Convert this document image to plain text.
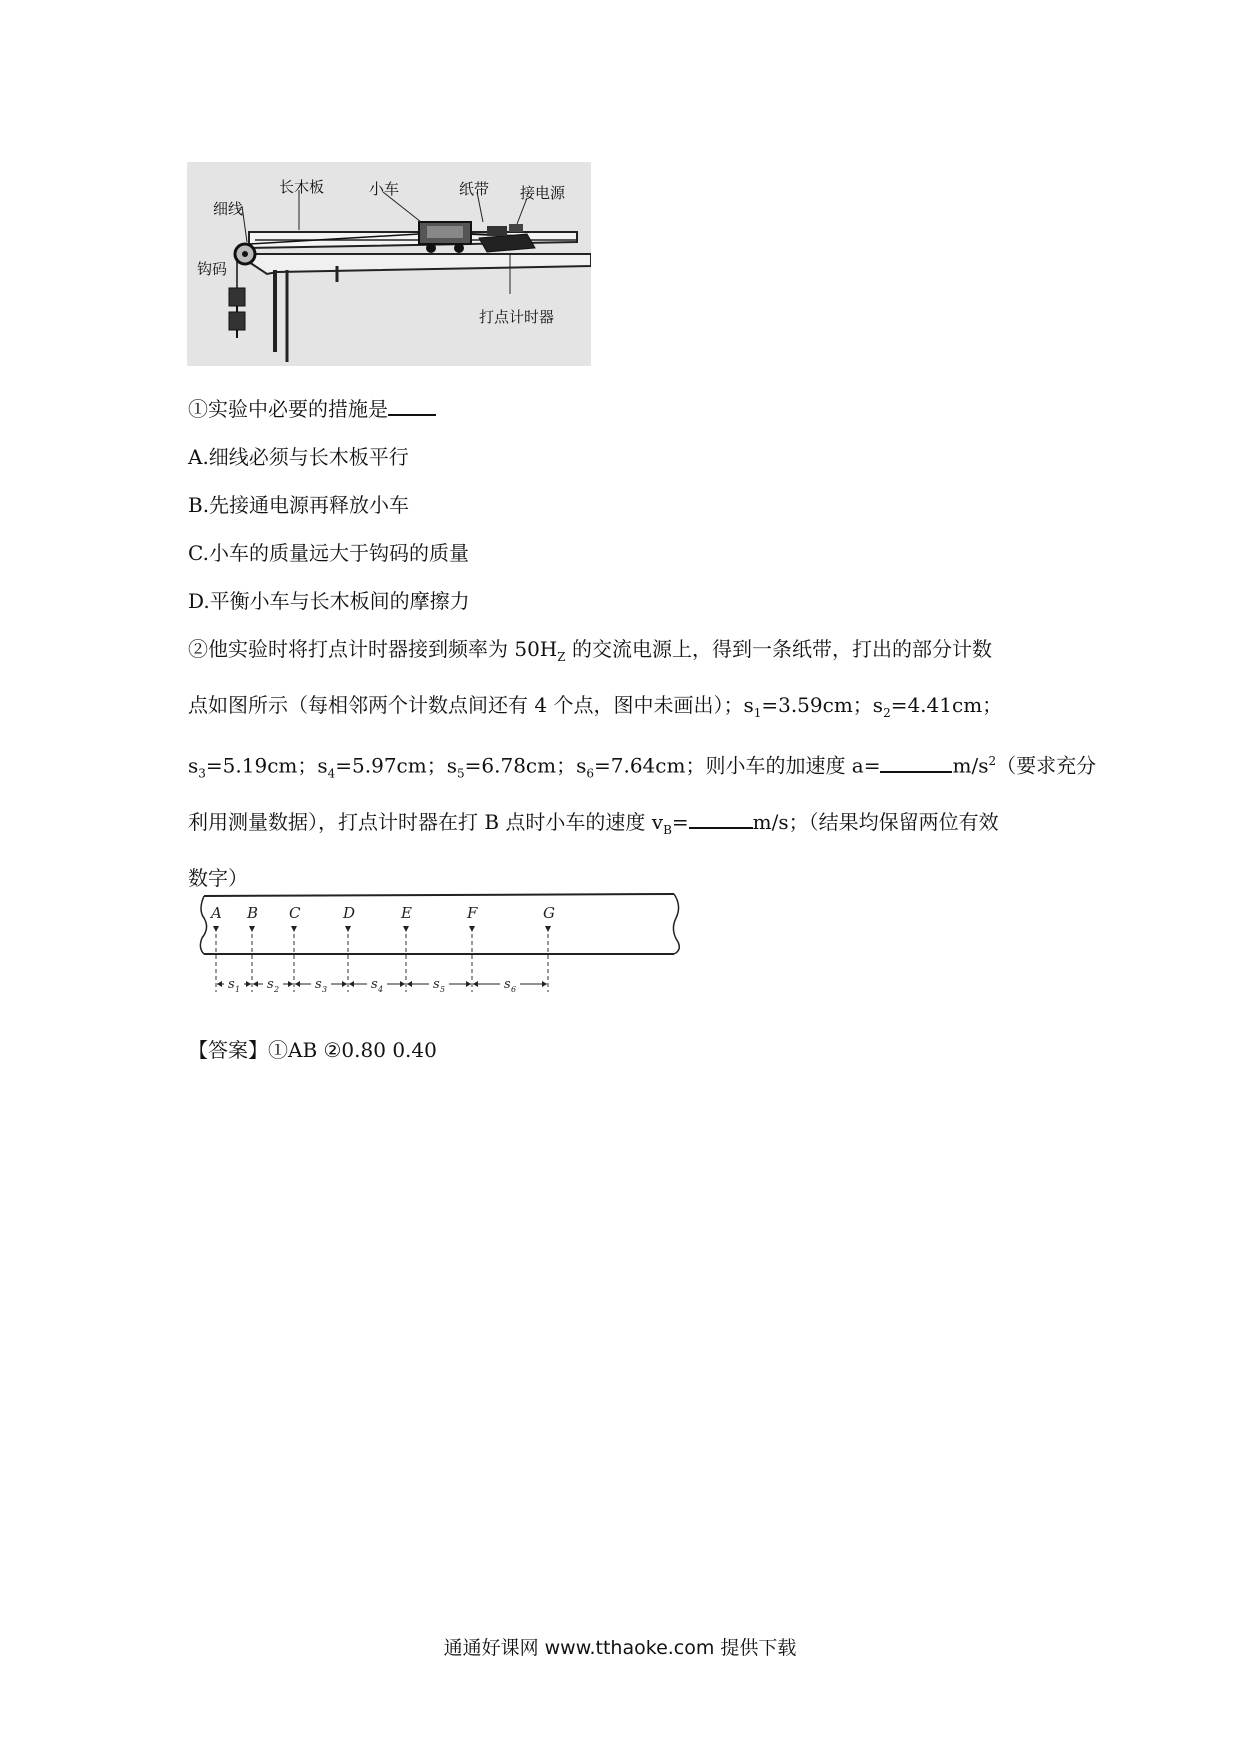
细线
长木板	小车	纸带 接电源
钩码
打点计时器
①实验中必要的措施是
A.细线必须与长木板平行
B.先接通电源再释放小车
C.小车的质量远大于钩码的质量
D.平衡小车与长木板间的摩擦力
②他实验时将打点计时器接到频率为 $50H_Z$ 的交流电源上，得到一条纸带，打出的部分计数
点如图所示（每相邻两个计数点间还有 4 个点，图中未画出）；$s_1=3.59cm$；$s_2=4.41cm$；
$s_3=5.19cm$；$s_4=5.97cm$；$s_5=6.78cm$；$s_6=7.64cm$；则小车的加速度 a=	$m/s^2$（要求充分
利用测量数据），打点计时器在打 B 点时小车的速度 $v_B=$	m/s；（结果均保留两位有效
数字）
A B C	D	E	F	G
s 1 s 2	s 3	s 4	s 5	s 6
【答案】①AB ②0.80 0.40
通通好课网 www.tthaoke.com 提供下载
